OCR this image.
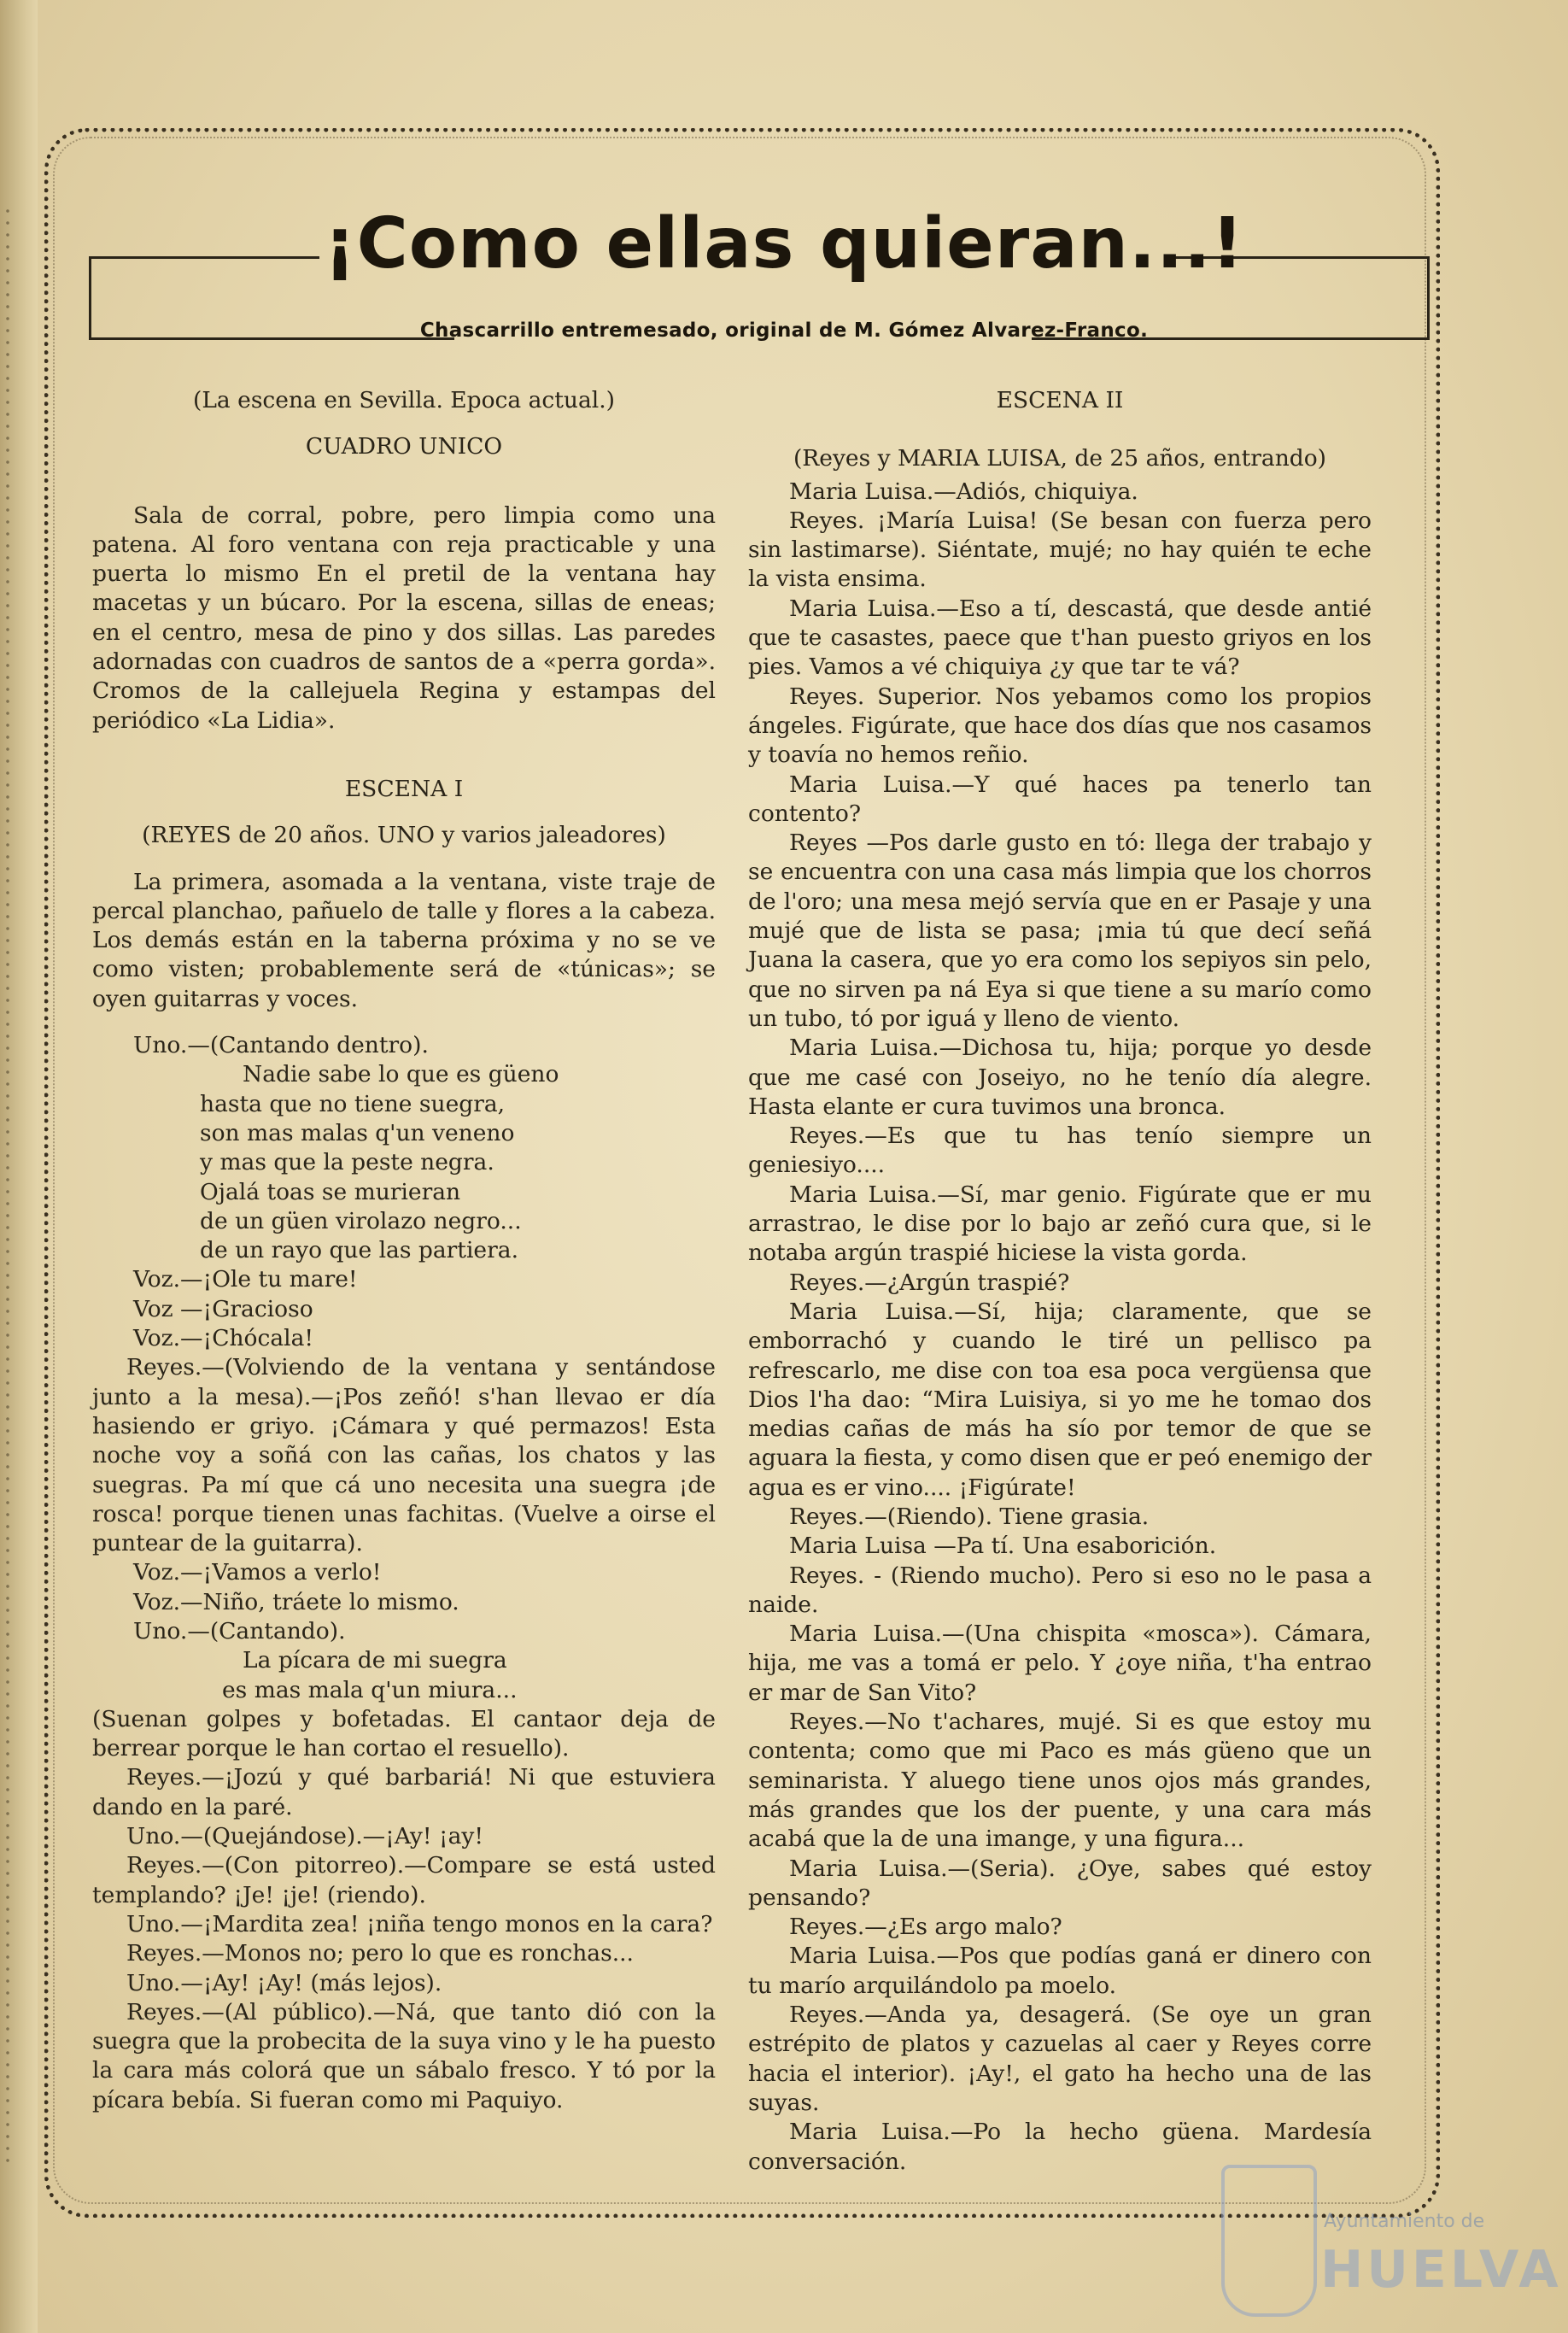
¡Como ellas quieran...!
Chascarrillo entremesado, original de M. Gómez Alvarez-Franco.

(La escena en Sevilla. Epoca actual.)

CUADRO UNICO

Sala de corral, pobre, pero limpia como una patena. Al foro ventana con reja practicable y una puerta lo mismo En el pretil de la ventana hay macetas y un búcaro. Por la escena, sillas de eneas; en el centro, mesa de pino y dos sillas. Las paredes adornadas con cuadros de santos de a «perra gorda». Cromos de la callejuela Regina y estampas del periódico «La Lidia».

ESCENA I

(REYES de 20 años. UNO y varios jaleadores)

La primera, asomada a la ventana, viste traje de percal planchao, pañuelo de talle y flores a la cabeza. Los demás están en la taberna próxima y no se ve como visten; probablemente será de «túnicas»; se oyen guitarras y voces.

Uno.—(Cantando dentro).

Nadie sabe lo que es güeno

hasta que no tiene suegra,

son mas malas q'un veneno

y mas que la peste negra.

Ojalá toas se murieran

de un güen virolazo negro...

de un rayo que las partiera.

Voz.—¡Ole tu mare!

Voz —¡Gracioso

Voz.—¡Chócala!

Reyes.—(Volviendo de la ventana y sentándose junto a la mesa).—¡Pos zeñó! s'han llevao er día hasiendo er griyo. ¡Cámara y qué permazos! Esta noche voy a soñá con las cañas, los chatos y las suegras. Pa mí que cá uno necesita una suegra ¡de rosca! porque tienen unas fachitas. (Vuelve a oirse el puntear de la guitarra).

Voz.—¡Vamos a verlo!

Voz.—Niño, tráete lo mismo.

Uno.—(Cantando).

La pícara de mi suegra

es mas mala q'un miura...

(Suenan golpes y bofetadas. El cantaor deja de berrear porque le han cortao el resuello).

Reyes.—¡Jozú y qué barbariá! Ni que estuviera dando en la paré.

Uno.—(Quejándose).—¡Ay! ¡ay!

Reyes.—(Con pitorreo).—Compare se está usted templando? ¡Je! ¡je! (riendo).

Uno.—¡Mardita zea! ¡niña tengo monos en la cara?

Reyes.—Monos no; pero lo que es ronchas...

Uno.—¡Ay! ¡Ay! (más lejos).

Reyes.—(Al público).—Ná, que tanto dió con la suegra que la probecita de la suya vino y le ha puesto la cara más colorá que un sábalo fresco. Y tó por la pícara bebía. Si fueran como mi Paquiyo.

ESCENA II

(Reyes y MARIA LUISA, de 25 años, entrando)

Maria Luisa.—Adiós, chiquiya.

Reyes. ¡María Luisa! (Se besan con fuerza pero sin lastimarse). Siéntate, mujé; no hay quién te eche la vista ensima.

Maria Luisa.—Eso a tí, descastá, que desde antié que te casastes, paece que t'han puesto griyos en los pies. Vamos a vé chiquiya ¿y que tar te vá?

Reyes. Superior. Nos yebamos como los propios ángeles. Figúrate, que hace dos días que nos casamos y toavía no hemos reñio.

Maria Luisa.—Y qué haces pa tenerlo tan contento?

Reyes —Pos darle gusto en tó: llega der trabajo y se encuentra con una casa más limpia que los chorros de l'oro; una mesa mejó servía que en er Pasaje y una mujé que de lista se pasa; ¡mia tú que decí señá Juana la casera, que yo era como los sepiyos sin pelo, que no sirven pa ná Eya si que tiene a su marío como un tubo, tó por iguá y lleno de viento.

Maria Luisa.—Dichosa tu, hija; porque yo desde que me casé con Joseiyo, no he tenío día alegre. Hasta elante er cura tuvimos una bronca.

Reyes.—Es que tu has tenío siempre un geniesiyo....

Maria Luisa.—Sí, mar genio. Figúrate que er mu arrastrao, le dise por lo bajo ar zeñó cura que, si le notaba argún traspié hiciese la vista gorda.

Reyes.—¿Argún traspié?

Maria Luisa.—Sí, hija; claramente, que se emborrachó y cuando le tiré un pellisco pa refrescarlo, me dise con toa esa poca vergüensa que Dios l'ha dao: “Mira Luisiya, si yo me he tomao dos medias cañas de más ha sío por temor de que se aguara la fiesta, y como disen que er peó enemigo der agua es er vino.... ¡Figúrate!

Reyes.—(Riendo). Tiene grasia.

Maria Luisa —Pa tí. Una esaborición.

Reyes. - (Riendo mucho). Pero si eso no le pasa a naide.

Maria Luisa.—(Una chispita «mosca»). Cámara, hija, me vas a tomá er pelo. Y ¿oye niña, t'ha entrao er mar de San Vito?

Reyes.—No t'achares, mujé. Si es que estoy mu contenta; como que mi Paco es más güeno que un seminarista. Y aluego tiene unos ojos más grandes, más grandes que los der puente, y una cara más acabá que la de una imange, y una figura...

Maria Luisa.—(Seria). ¿Oye, sabes qué estoy pensando?

Reyes.—¿Es argo malo?

Maria Luisa.—Pos que podías ganá er dinero con tu marío arquilándolo pa moelo.

Reyes.—Anda ya, desagerá. (Se oye un gran estrépito de platos y cazuelas al caer y Reyes corre hacia el interior). ¡Ay!, el gato ha hecho una de las suyas.

Maria Luisa.—Po la hecho güena. Mardesía conversación.

Ayuntamiento de
HUELVA
